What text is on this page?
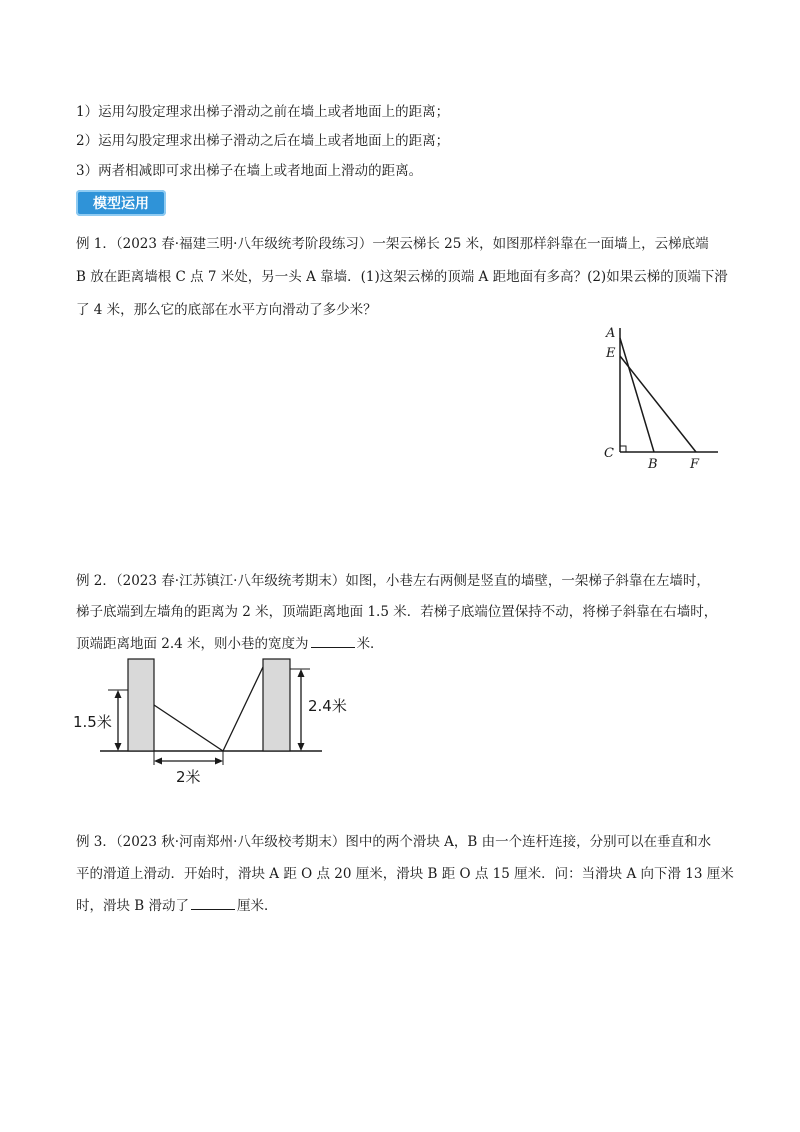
1）运用勾股定理求出梯子滑动之前在墙上或者地面上的距离；
2）运用勾股定理求出梯子滑动之后在墙上或者地面上的距离；
3）两者相减即可求出梯子在墙上或者地面上滑动的距离。
模型运用
例 1．（2023 春·福建三明·八年级统考阶段练习）一架云梯长 25 米，如图那样斜靠在一面墙上，云梯底端
B 放在距离墙根 C 点 7 米处，另一头 A 靠墙．(1)这架云梯的顶端 A 距地面有多高？(2)如果云梯的顶端下滑
了 4 米，那么它的底部在水平方向滑动了多少米？
A
E
C
B F
例 2．（2023 春·江苏镇江·八年级统考期末）如图，小巷左右两侧是竖直的墙壁，一架梯子斜靠在左墙时，
梯子底端到左墙角的距离为 2 米，顶端距离地面 1.5 米．若梯子底端位置保持不动，将梯子斜靠在右墙时，
顶端距离地面 2.4 米，则小巷的宽度为	米．
1.5米
2.4米
2米
例 3．（2023 秋·河南郑州·八年级校考期末）图中的两个滑块 A，B 由一个连杆连接，分别可以在垂直和水
平的滑道上滑动．开始时，滑块 A 距 O 点 20 厘米，滑块 B 距 O 点 15 厘米．问：当滑块 A 向下滑 13 厘米
时，滑块 B 滑动了	厘米．
